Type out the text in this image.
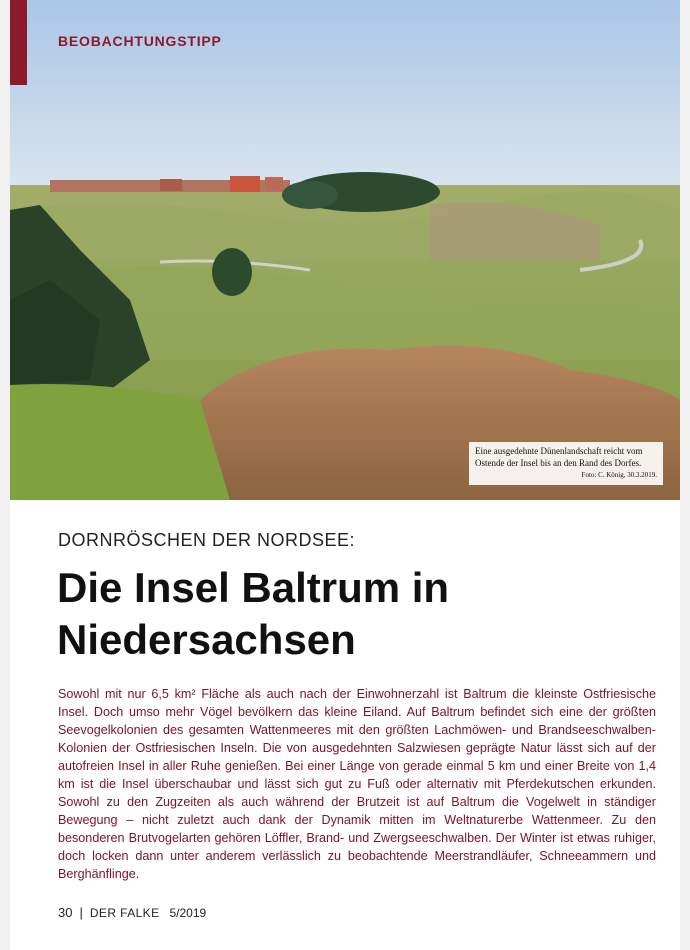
BEOBACHTUNGSTIPP
Eine ausgedehnte Dünenlandschaft reicht vom Ostende der Insel bis an den Rand des Dorfes.
Foto: C. König, 30.3.2019.
DORNRÖSCHEN DER NORDSEE:
Die Insel Baltrum in Niedersachsen
Sowohl mit nur 6,5 km² Fläche als auch nach der Einwohnerzahl ist Baltrum die kleinste Ostfriesische Insel. Doch umso mehr Vögel bevölkern das kleine Eiland. Auf Baltrum befindet sich eine der größten Seevogelkolonien des gesamten Wattenmeeres mit den größten Lachmöwen- und Brandseeschwalben-Kolonien der Ostfriesischen Inseln. Die von ausgedehnten Salzwiesen geprägte Natur lässt sich auf der autofreien Insel in aller Ruhe genießen. Bei einer Länge von gerade einmal 5 km und einer Breite von 1,4 km ist die Insel überschaubar und lässt sich gut zu Fuß oder alternativ mit Pferdekutschen erkunden. Sowohl zu den Zugzeiten als auch während der Brutzeit ist auf Baltrum die Vogelwelt in ständiger Bewegung – nicht zuletzt auch dank der Dynamik mitten im Weltnaturerbe Wattenmeer. Zu den besonderen Brutvogelarten gehören Löffler, Brand- und Zwergseeschwalben. Der Winter ist etwas ruhiger, doch locken dann unter anderem verlässlich zu beobachtende Meerstrandläufer, Schneeammern und Berghänflinge.
30 | DER FALKE 5/2019
